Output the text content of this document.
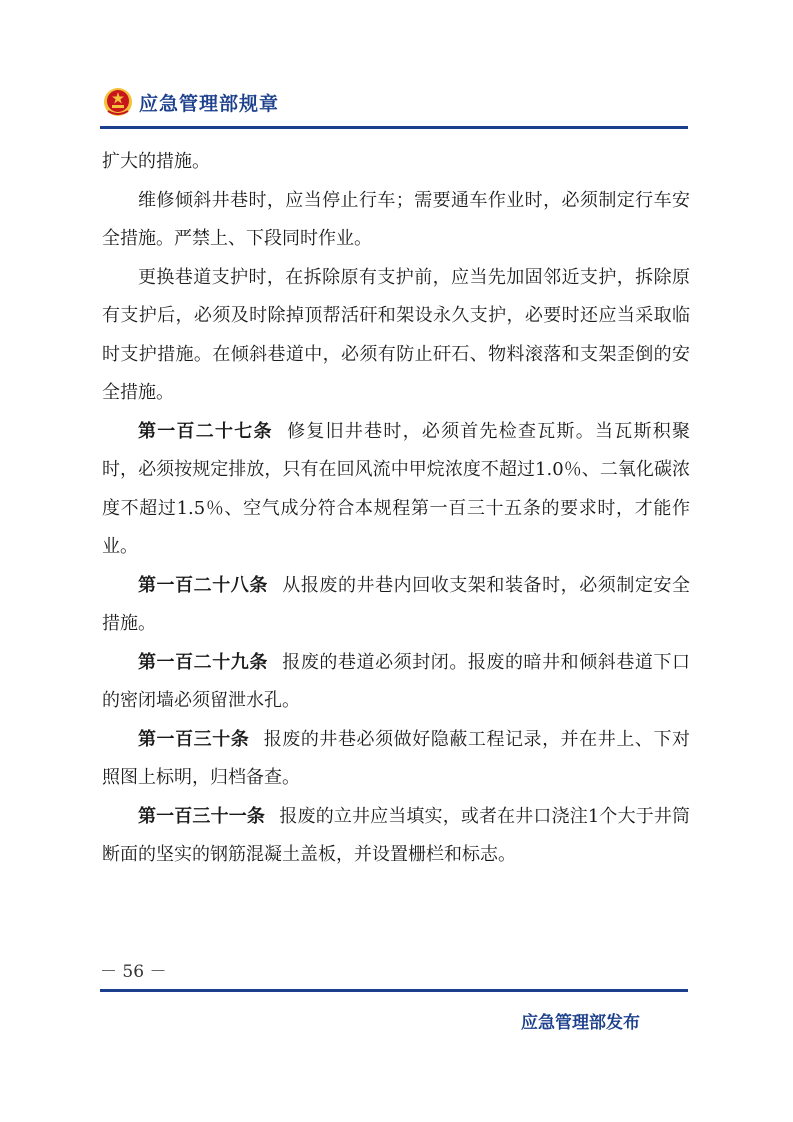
应急管理部规章

扩大的措施。

维修倾斜井巷时，应当停止行车；需要通车作业时，必须制定行车安全措施。严禁上、下段同时作业。

更换巷道支护时，在拆除原有支护前，应当先加固邻近支护，拆除原有支护后，必须及时除掉顶帮活矸和架设永久支护，必要时还应当采取临时支护措施。在倾斜巷道中，必须有防止矸石、物料滚落和支架歪倒的安全措施。

第一百二十七条 修复旧井巷时，必须首先检查瓦斯。当瓦斯积聚时，必须按规定排放，只有在回风流中甲烷浓度不超过1.0％、二氧化碳浓度不超过1.5％、空气成分符合本规程第一百三十五条的要求时，才能作业。

第一百二十八条 从报废的井巷内回收支架和装备时，必须制定安全措施。

第一百二十九条 报废的巷道必须封闭。报废的暗井和倾斜巷道下口的密闭墙必须留泄水孔。

第一百三十条 报废的井巷必须做好隐蔽工程记录，并在井上、下对照图上标明，归档备查。

第一百三十一条 报废的立井应当填实，或者在井口浇注1个大于井筒断面的坚实的钢筋混凝土盖板，并设置栅栏和标志。

－ 56 －
应急管理部发布
